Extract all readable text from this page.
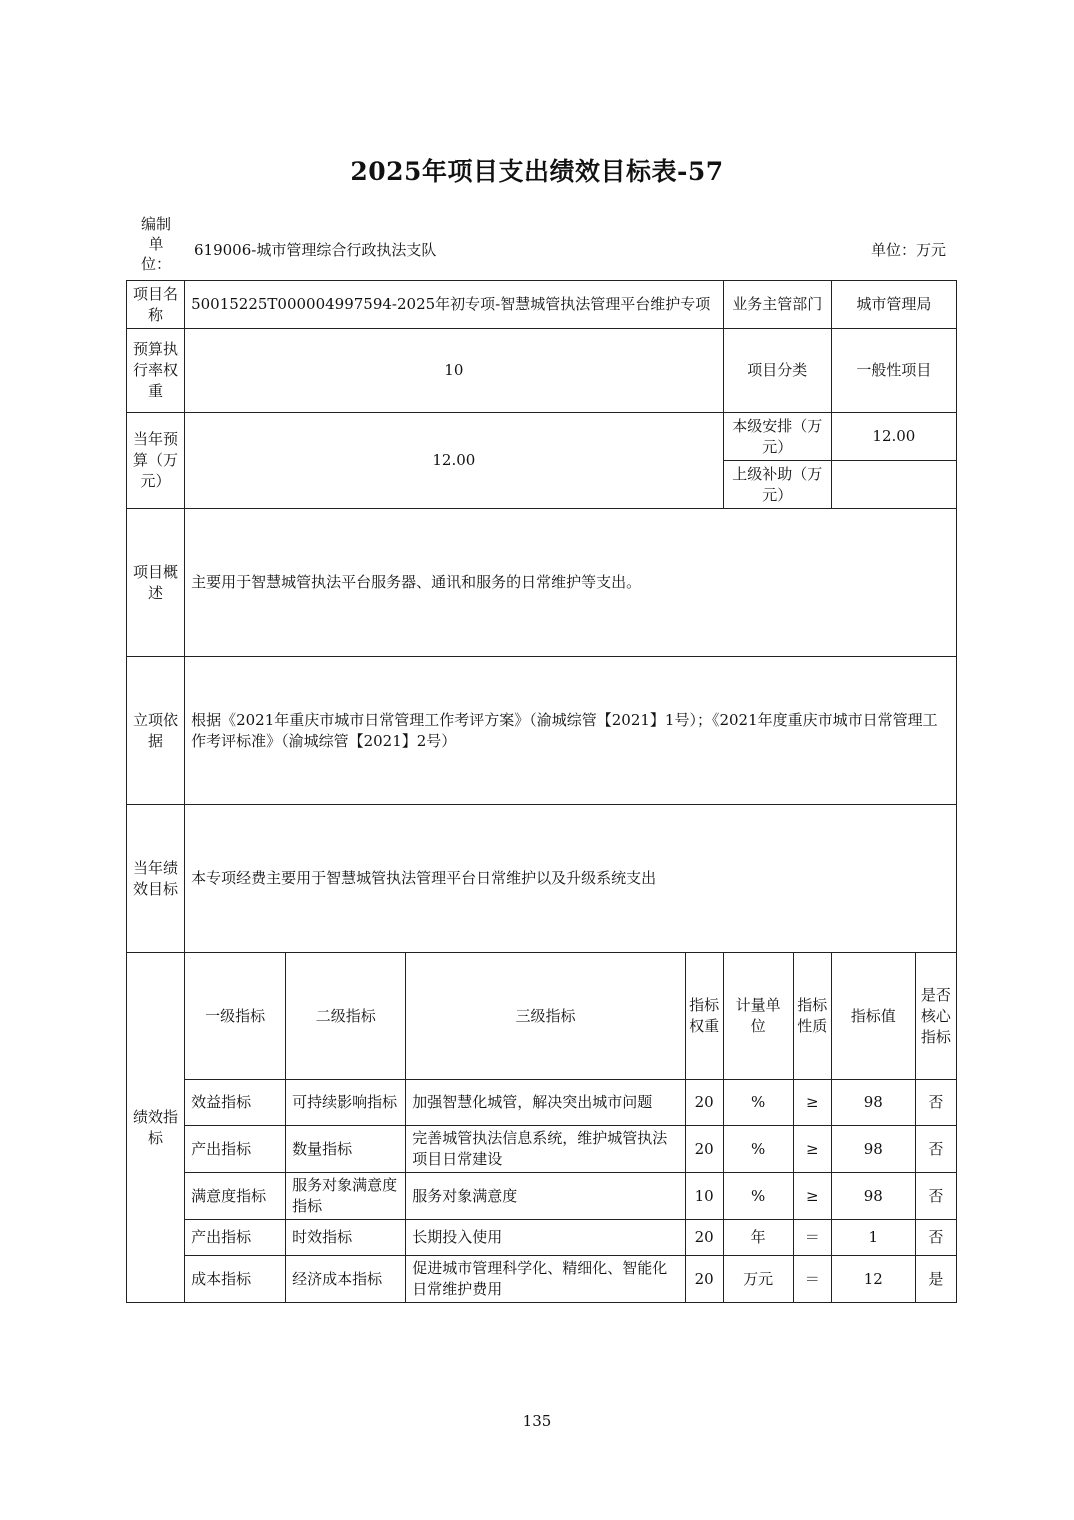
2025年项目支出绩效目标表-57
编制
单
位：
619006-城市管理综合行政执法支队	单位：万元
项目名称	50015225T000004997594-2025年初专项-智慧城管执法管理平台维护专项				业务主管部门		城市管理局	
预算执行率权重	10				项目分类		一般性项目	
当年预算（万元）	12.00				本级安排（万元）		12.00	
					上级补助（万元）			
项目概述	主要用于智慧城管执法平台服务器、通讯和服务的日常维护等支出。							
立项依据	根据《2021年重庆市城市日常管理工作考评方案》（渝城综管【2021】1号）；《2021年度重庆市城市日常管理工作考评标准》（渝城综管【2021】2号）							
当年绩效目标	本专项经费主要用于智慧城管执法管理平台日常维护以及升级系统支出							
绩效指标	一级指标	二级指标	三级指标	指标权重	计量单位	指标性质	指标值	是否核心指标
	效益指标	可持续影响指标	加强智慧化城管，解决突出城市问题	20	%	≥	98	否
	产出指标	数量指标	完善城管执法信息系统，维护城管执法项目日常建设	20	%	≥	98	否
	满意度指标	服务对象满意度指标	服务对象满意度	10	%	≥	98	否
	产出指标	时效指标	长期投入使用	20	年	＝	1	否
	成本指标	经济成本指标	促进城市管理科学化、精细化、智能化日常维护费用	20	万元	＝	12	是
135
